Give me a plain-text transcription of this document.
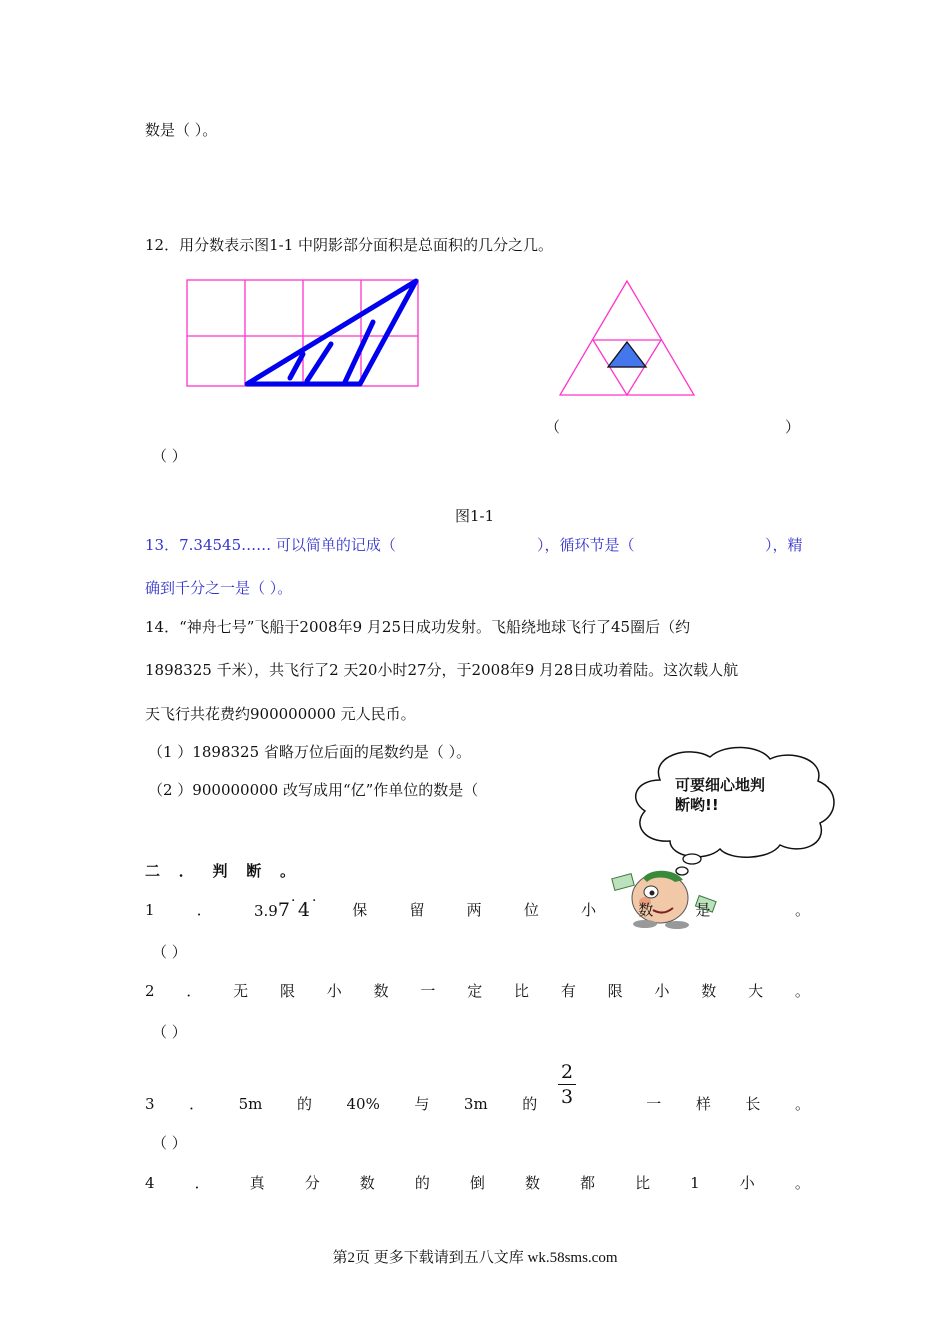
数是（ ）。
12．用分数表示图1-1 中阴影部分面积是总面积的几分之几。
（	）
（ ）
图1-1
13．7.34545…… 可以简单的记成（	），循环节是（	），精
确到千分之一是（ ）。
14．“神舟七号”飞船于2008年9 月25日成功发射。飞船绕地球飞行了45圈后（约
1898325 千米），共飞行了2 天20小时27分，于2008年9 月28日成功着陆。这次载人航
天飞行共花费约900000000 元人民币。
（1 ）1898325 省略万位后面的尾数约是（ ）。
（2 ）900000000 改写成用“亿”作单位的数是（	可要细心地判
断哟!!
二 ． 判 断 。
1	．	3.97 4
· · 保	留	两	位	小	数	是	。
（ ）
2 ． 无 限 小 数 一 定 比 有 限 小 数 大 。
（ ）
3 ． 5m 的 40% 与 3m 的	一 样 长 。
2
3
（ ）
4	．	真	分	数	的	倒	数	都	比	1	小	。
第2页 更多下载请到五八文库 wk.58sms.com
